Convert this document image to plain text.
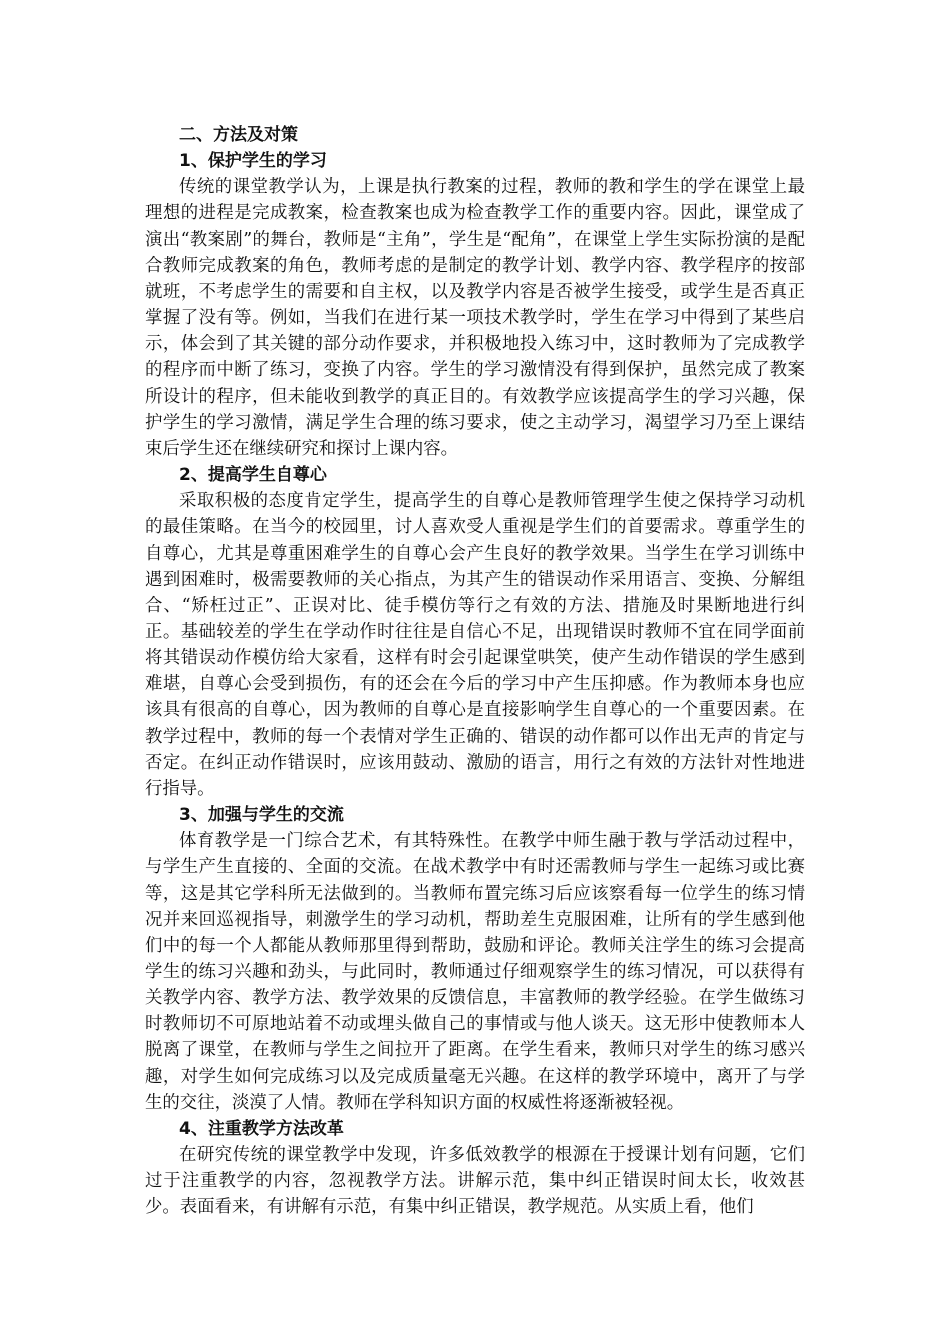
二、方法及对策

1、保护学生的学习

传统的课堂教学认为，上课是执行教案的过程，教师的教和学生的学在课堂上最理想的进程是完成教案，检查教案也成为检查教学工作的重要内容。因此，课堂成了演出“教案剧”的舞台，教师是“主角”，学生是“配角”，在课堂上学生实际扮演的是配合教师完成教案的角色，教师考虑的是制定的教学计划、教学内容、教学程序的按部就班，不考虑学生的需要和自主权，以及教学内容是否被学生接受，或学生是否真正掌握了没有等。例如，当我们在进行某一项技术教学时，学生在学习中得到了某些启示，体会到了其关键的部分动作要求，并积极地投入练习中，这时教师为了完成教学的程序而中断了练习，变换了内容。学生的学习激情没有得到保护，虽然完成了教案所设计的程序，但未能收到教学的真正目的。有效教学应该提高学生的学习兴趣，保护学生的学习激情，满足学生合理的练习要求，使之主动学习，渴望学习乃至上课结束后学生还在继续研究和探讨上课内容。

2、提高学生自尊心

采取积极的态度肯定学生，提高学生的自尊心是教师管理学生使之保持学习动机的最佳策略。在当今的校园里，讨人喜欢受人重视是学生们的首要需求。尊重学生的自尊心，尤其是尊重困难学生的自尊心会产生良好的教学效果。当学生在学习训练中遇到困难时，极需要教师的关心指点，为其产生的错误动作采用语言、变换、分解组合、“矫枉过正”、正误对比、徒手模仿等行之有效的方法、措施及时果断地进行纠正。基础较差的学生在学动作时往往是自信心不足，出现错误时教师不宜在同学面前将其错误动作模仿给大家看，这样有时会引起课堂哄笑，使产生动作错误的学生感到难堪，自尊心会受到损伤，有的还会在今后的学习中产生压抑感。作为教师本身也应该具有很高的自尊心，因为教师的自尊心是直接影响学生自尊心的一个重要因素。在教学过程中，教师的每一个表情对学生正确的、错误的动作都可以作出无声的肯定与否定。在纠正动作错误时，应该用鼓动、激励的语言，用行之有效的方法针对性地进行指导。

3、加强与学生的交流

体育教学是一门综合艺术，有其特殊性。在教学中师生融于教与学活动过程中，与学生产生直接的、全面的交流。在战术教学中有时还需教师与学生一起练习或比赛等，这是其它学科所无法做到的。当教师布置完练习后应该察看每一位学生的练习情况并来回巡视指导，刺激学生的学习动机，帮助差生克服困难，让所有的学生感到他们中的每一个人都能从教师那里得到帮助，鼓励和评论。教师关注学生的练习会提高学生的练习兴趣和劲头，与此同时，教师通过仔细观察学生的练习情况，可以获得有关教学内容、教学方法、教学效果的反馈信息，丰富教师的教学经验。在学生做练习时教师切不可原地站着不动或埋头做自己的事情或与他人谈天。这无形中使教师本人脱离了课堂，在教师与学生之间拉开了距离。在学生看来，教师只对学生的练习感兴趣，对学生如何完成练习以及完成质量毫无兴趣。在这样的教学环境中，离开了与学生的交往，淡漠了人情。教师在学科知识方面的权威性将逐渐被轻视。

4、注重教学方法改革

在研究传统的课堂教学中发现，许多低效教学的根源在于授课计划有问题，它们过于注重教学的内容，忽视教学方法。讲解示范，集中纠正错误时间太长，收效甚少。表面看来，有讲解有示范，有集中纠正错误，教学规范。从实质上看，他们
